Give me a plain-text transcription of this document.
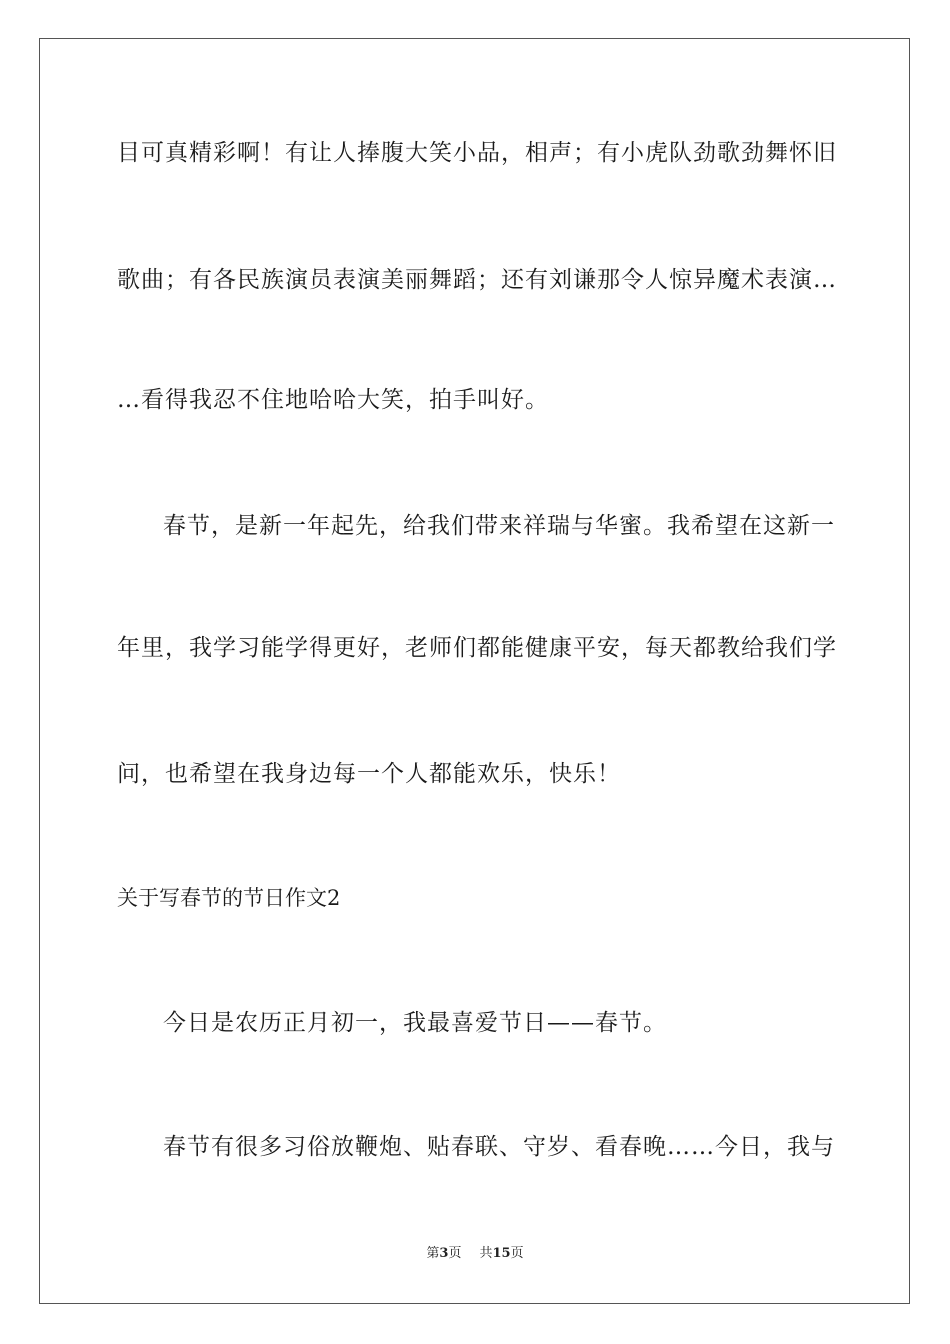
目可真精彩啊！有让人捧腹大笑小品，相声；有小虎队劲歌劲舞怀旧
歌曲；有各民族演员表演美丽舞蹈；还有刘谦那令人惊异魔术表演…
…看得我忍不住地哈哈大笑，拍手叫好。
春节，是新一年起先，给我们带来祥瑞与华蜜。我希望在这新一
年里，我学习能学得更好，老师们都能健康平安，每天都教给我们学
问，也希望在我身边每一个人都能欢乐，快乐！
关于写春节的节日作文2
今日是农历正月初一，我最喜爱节日——春节。
春节有很多习俗放鞭炮、贴春联、守岁、看春晚……今日，我与
第3页 共15页
